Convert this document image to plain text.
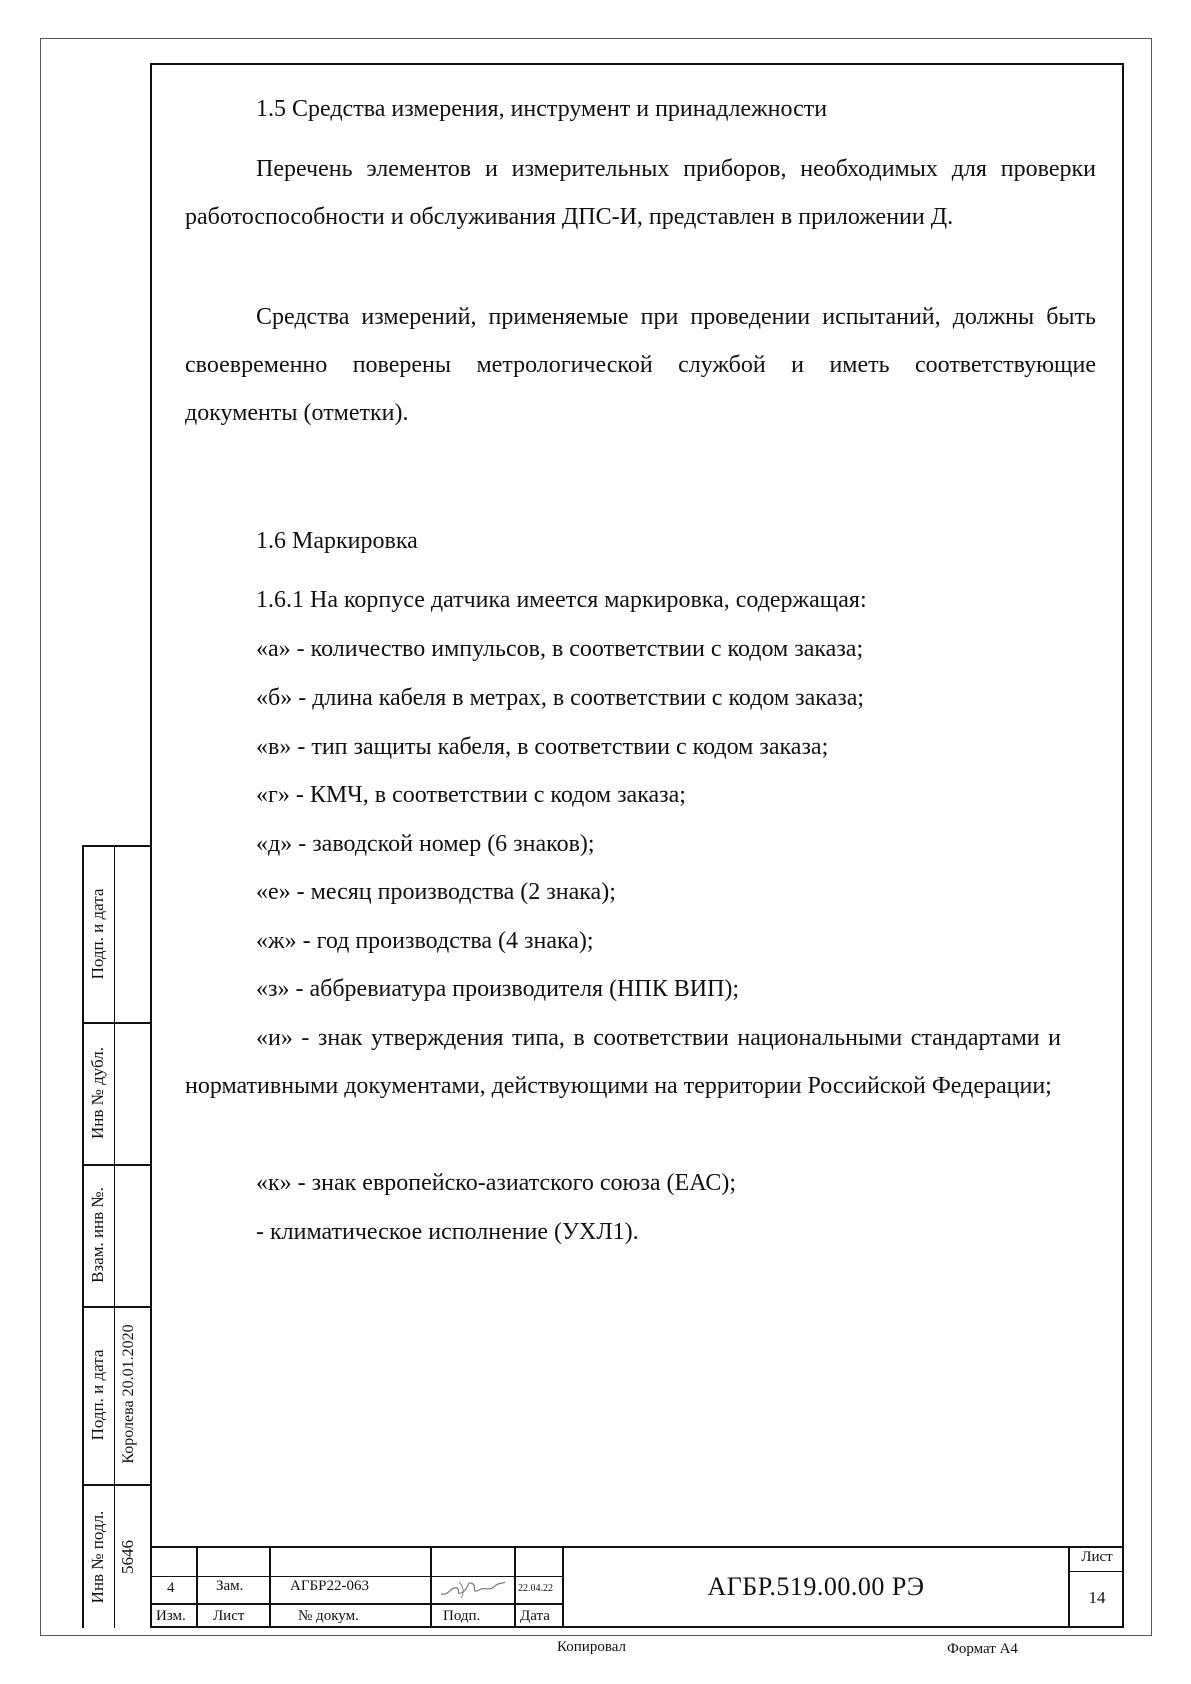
1.5 Средства измерения, инструмент и принадлежности
Перечень элементов и измерительных приборов, необходимых для проверки работоспособности и обслуживания ДПС-И, представлен в приложении Д.
Средства измерений, применяемые при проведении испытаний, должны быть своевременно поверены метрологической службой и иметь соответствующие документы (отметки).
1.6 Маркировка
1.6.1 На корпусе датчика имеется маркировка, содержащая:
«а» - количество импульсов, в соответствии с кодом заказа;
«б» - длина кабеля в метрах, в соответствии с кодом заказа;
«в» - тип защиты кабеля, в соответствии с кодом заказа;
«г» - КМЧ, в соответствии с кодом заказа;
«д» - заводской номер (6 знаков);
«е» - месяц производства (2 знака);
«ж» - год производства (4 знака);
«з» - аббревиатура производителя (НПК ВИП);
«и» - знак утверждения типа, в соответствии национальными стандартами и нормативными документами, действующими на территории Российской Федерации;
«к» - знак европейско-азиатского союза (ЕАС);
- климатическое исполнение (УХЛ1).
Подп. и дата
Инв № дубл.
Взам. инв №.
Подп. и дата Королева 20.01.2020
Инв № подл. 5646
4	Зам.	АГБР22-063	22.04.22
Изм. Лист	№ докум.	Подп.	Дата
АГБР.519.00.00 РЭ
Лист
14
Копировал	Формат А4
